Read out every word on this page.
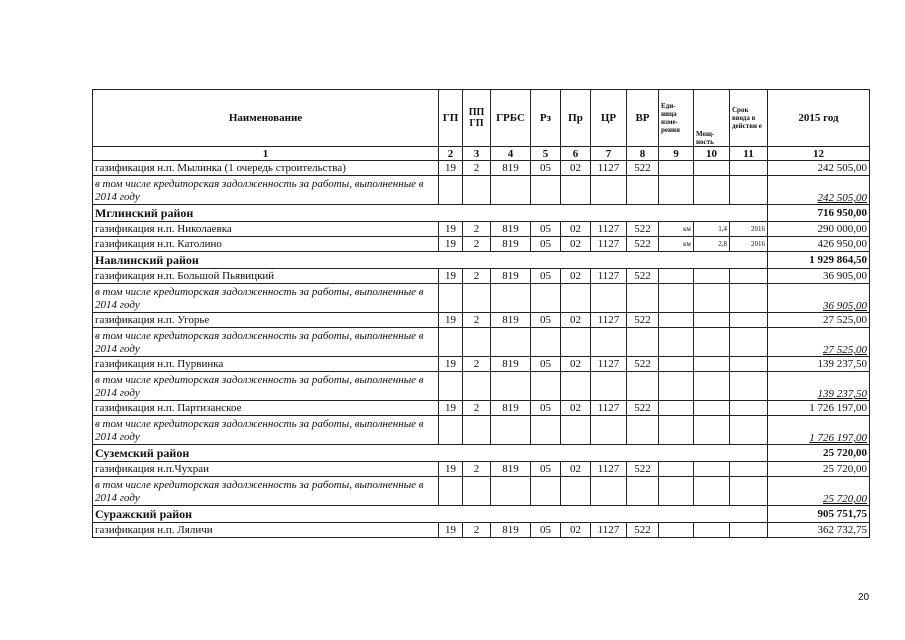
Наименование	ГП	ПП ГП	ГРБС	Рз	Пр	ЦР	ВР	Еди-ница изме-рения	Мощ-ность	Срок ввода в действи е	2015 год
1	2	3	4	5	6	7	8	9	10	11	12
газификация н.п. Мылинка (1 очередь строительства)	19	2	819	05	02	1127	522				242 505,00
в том числе кредиторская задолженность за работы, выполненные в 2014 году											242 505,00
Мглинский район											716 950,00
газификация н.п. Николаевка	19	2	819	05	02	1127	522	км	1,4	2016	290 000,00
газификация н.п. Католино	19	2	819	05	02	1127	522	км	2,8	2016	426 950,00
Навлинский район											1 929 864,50
газификация н.п. Большой Пьявицкий	19	2	819	05	02	1127	522				36 905,00
в том числе кредиторская задолженность за работы, выполненные в 2014 году											36 905,00
газификация н.п. Угорье	19	2	819	05	02	1127	522				27 525,00
в том числе кредиторская задолженность за работы, выполненные в 2014 году											27 525,00
газификация н.п. Пурвинка	19	2	819	05	02	1127	522				139 237,50
в том числе кредиторская задолженность за работы, выполненные в 2014 году											139 237,50
газификация н.п. Партизанское	19	2	819	05	02	1127	522				1 726 197,00
в том числе кредиторская задолженность за работы, выполненные в 2014 году											1 726 197,00
Суземский район											25 720,00
газификация н.п.Чухраи	19	2	819	05	02	1127	522				25 720,00
в том числе кредиторская задолженность за работы, выполненные в 2014 году											25 720,00
Суражский район											905 751,75
газификация н.п. Ляличи	19	2	819	05	02	1127	522				362 732,75
20
